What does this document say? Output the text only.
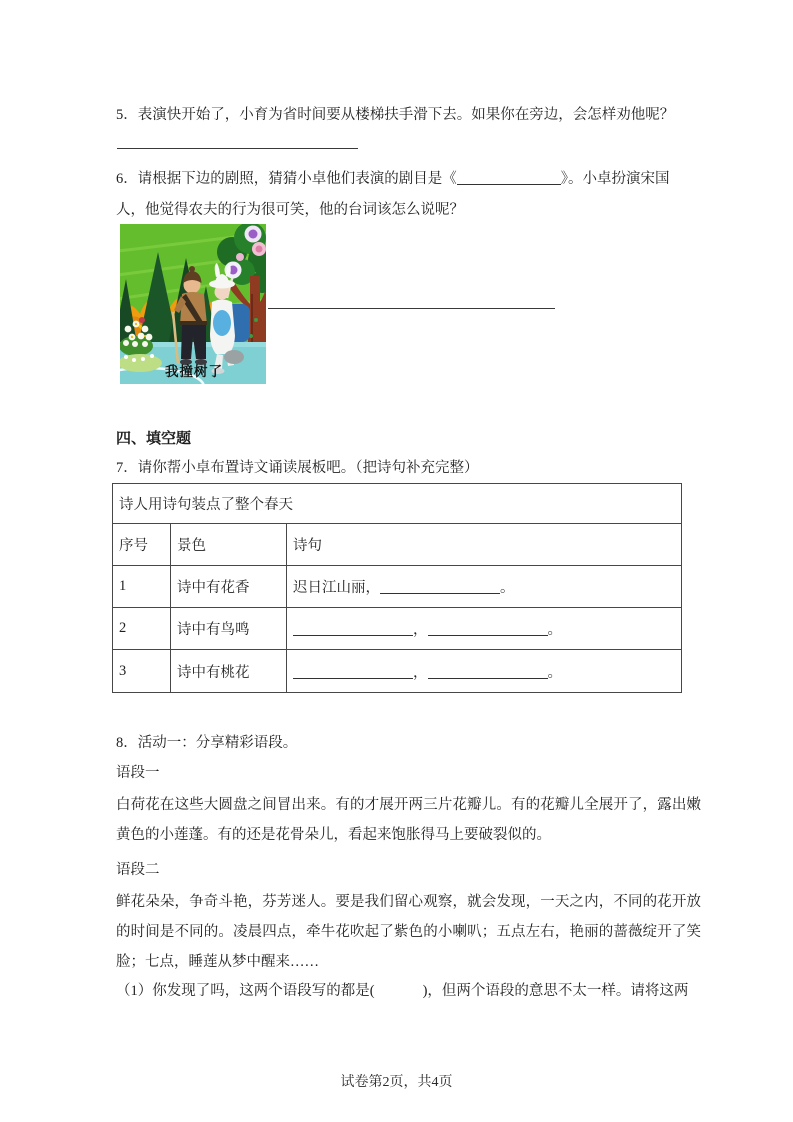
5．表演快开始了，小育为省时间要从楼梯扶手滑下去。如果你在旁边，会怎样劝他呢？
6．请根据下边的剧照，猜猜小卓他们表演的剧目是《	》。小卓扮演宋国
人，他觉得农夫的行为很可笑，他的台词该怎么说呢？
我撞树了
四、填空题
7．请你帮小卓布置诗文诵读展板吧。（把诗句补充完整）
诗人用诗句装点了整个春天		
序号	景色	诗句
1	诗中有花香	迟日江山丽， 。
2	诗中有鸟鸣	， 。
3	诗中有桃花	， 。
8．活动一：分享精彩语段。
语段一
白荷花在这些大圆盘之间冒出来。有的才展开两三片花瓣儿。有的花瓣儿全展开了，露出嫩黄色的小莲蓬。有的还是花骨朵儿，看起来饱胀得马上要破裂似的。
语段二
鲜花朵朵，争奇斗艳，芬芳迷人。要是我们留心观察，就会发现，一天之内，不同的花开放的时间是不同的。凌晨四点，牵牛花吹起了紫色的小喇叭；五点左右，艳丽的蔷薇绽开了笑脸；七点，睡莲从梦中醒来……
（1）你发现了吗，这两个语段写的都是(	)，但两个语段的意思不太一样。请将这两
试卷第2页，共4页
